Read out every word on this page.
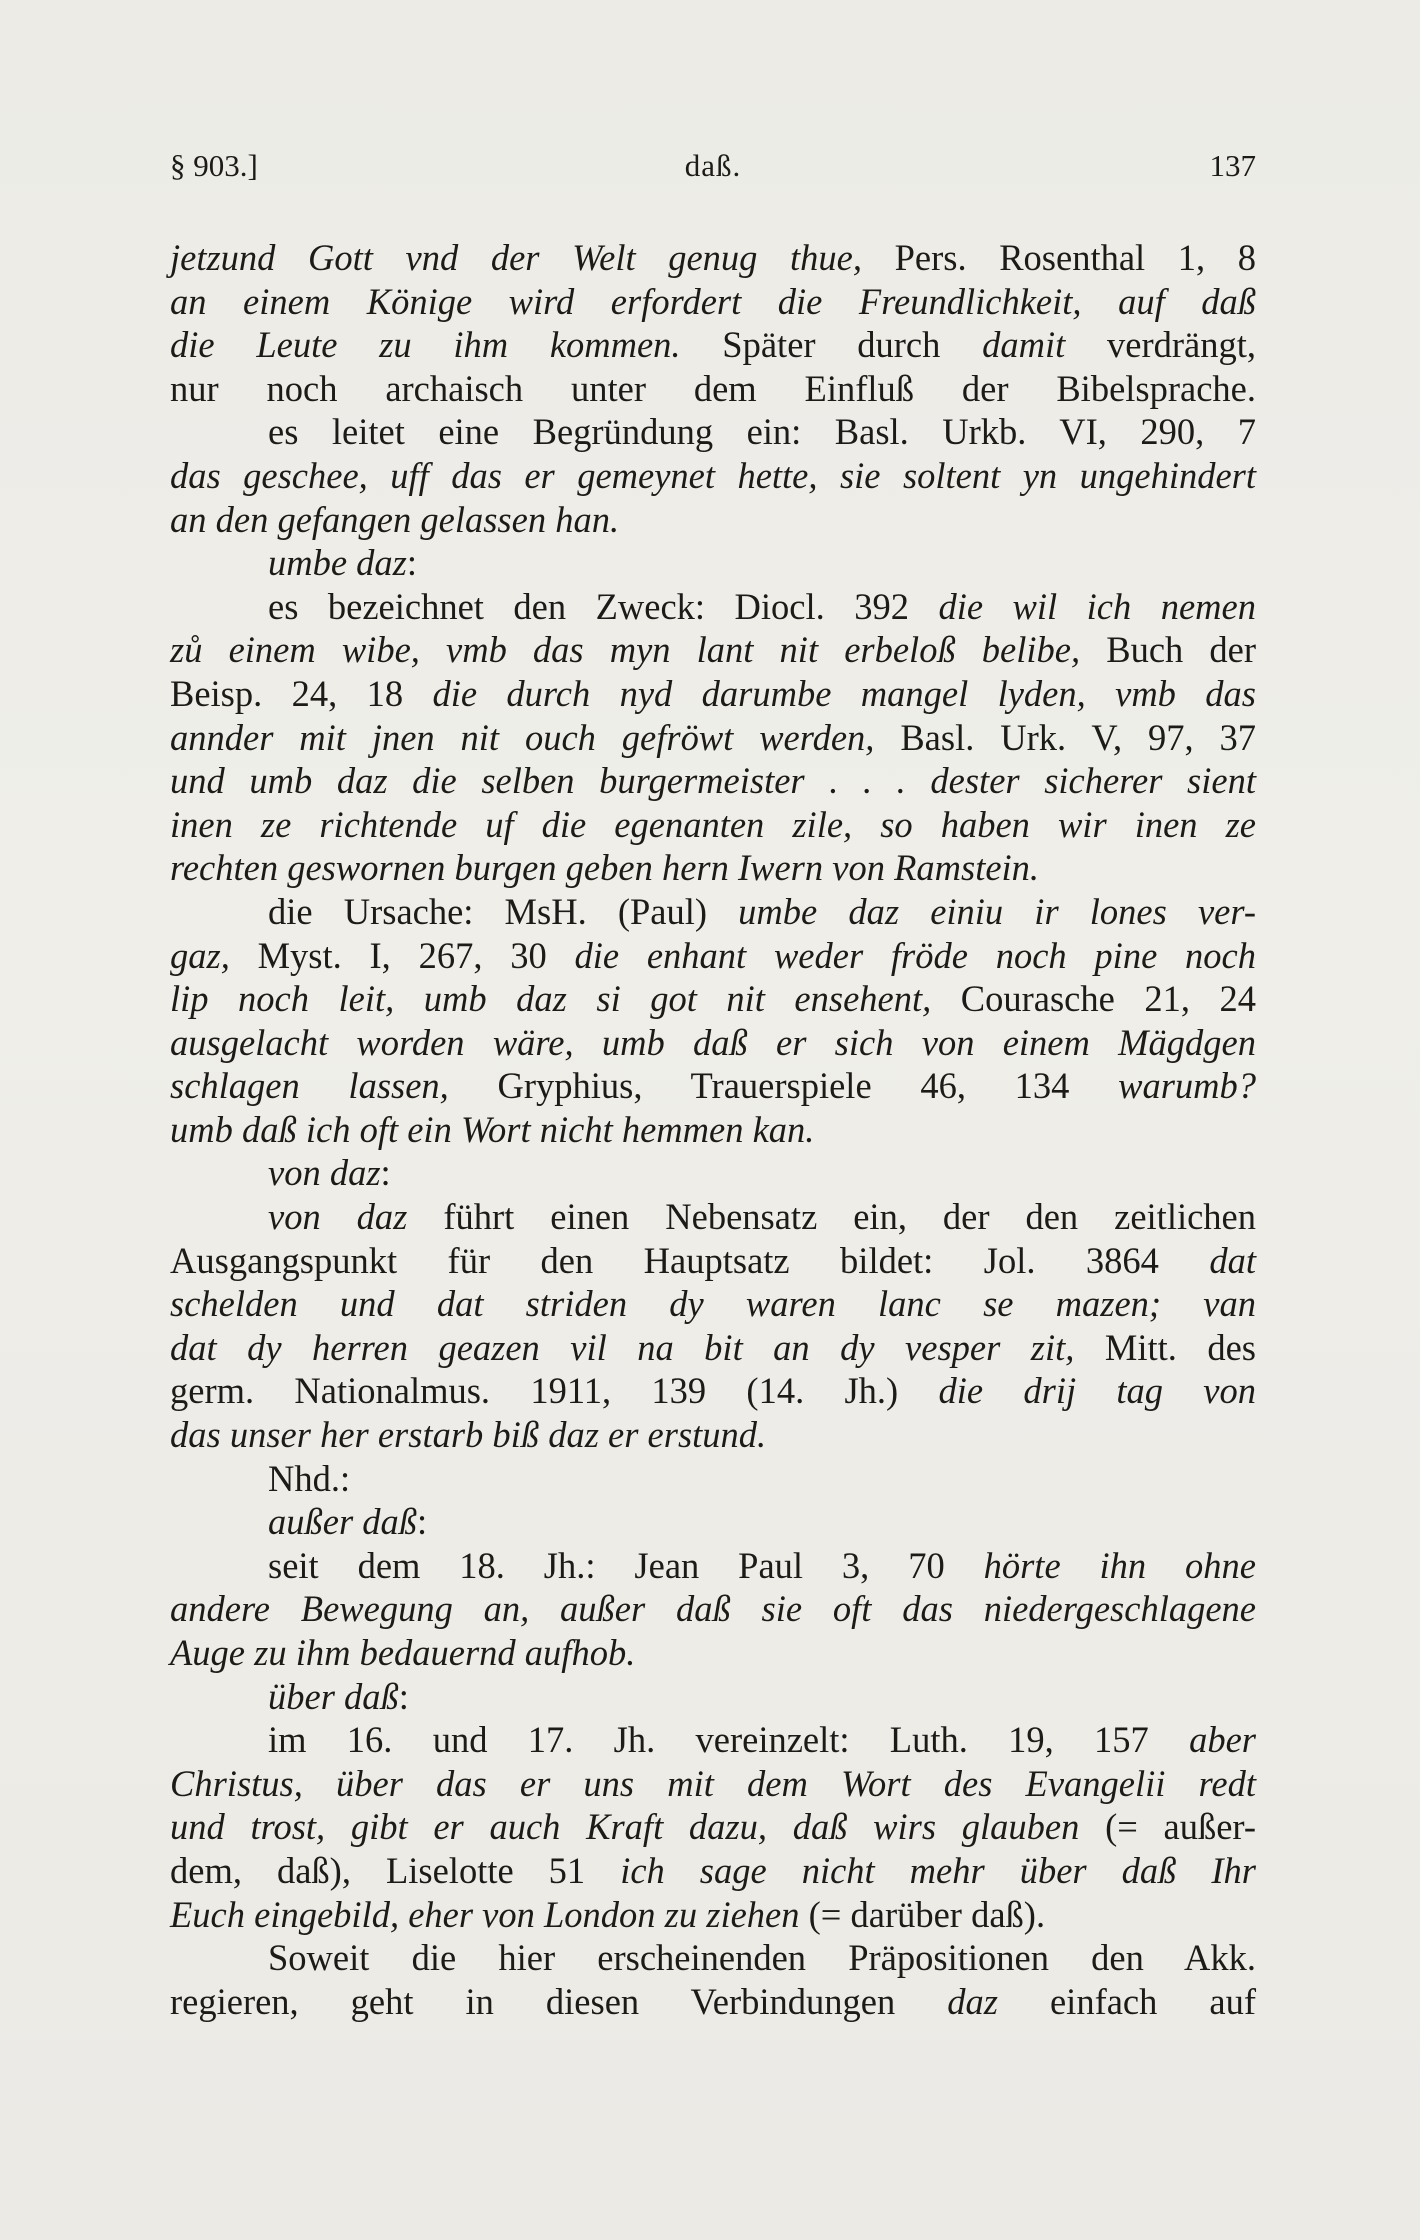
§ 903.]	daß.	137
jetzund Gott vnd der Welt genug thue, Pers. Rosenthal 1, 8
an einem Könige wird erfordert die Freundlichkeit, auf daß
die Leute zu ihm kommen. Später durch damit verdrängt,
nur noch archaisch unter dem Einfluß der Bibelsprache.
es leitet eine Begründung ein: Basl. Urkb. VI, 290, 7
das geschee, uff das er gemeynet hette, sie soltent yn ungehindert
an den gefangen gelassen han.
umbe daz:
es bezeichnet den Zweck: Diocl. 392 die wil ich nemen
zů einem wibe, vmb das myn lant nit erbeloß belibe, Buch der
Beisp. 24, 18 die durch nyd darumbe mangel lyden, vmb das
annder mit jnen nit ouch gefröwt werden, Basl. Urk. V, 97, 37
und umb daz die selben burgermeister . . . dester sicherer sient
inen ze richtende uf die egenanten zile, so haben wir inen ze
rechten geswornen burgen geben hern Iwern von Ramstein.
die Ursache: MsH. (Paul) umbe daz einiu ir lones ver-
gaz, Myst. I, 267, 30 die enhant weder fröde noch pine noch
lip noch leit, umb daz si got nit ensehent, Courasche 21, 24
ausgelacht worden wäre, umb daß er sich von einem Mägdgen
schlagen lassen, Gryphius, Trauerspiele 46, 134 warumb?
umb daß ich oft ein Wort nicht hemmen kan.
von daz:
von daz führt einen Nebensatz ein, der den zeitlichen
Ausgangspunkt für den Hauptsatz bildet: Jol. 3864 dat
schelden und dat striden dy waren lanc se mazen; van
dat dy herren geazen vil na bit an dy vesper zit, Mitt. des
germ. Nationalmus. 1911, 139 (14. Jh.) die drij tag von
das unser her erstarb biß daz er erstund.
Nhd.:
außer daß:
seit dem 18. Jh.: Jean Paul 3, 70 hörte ihn ohne
andere Bewegung an, außer daß sie oft das niedergeschlagene
Auge zu ihm bedauernd aufhob.
über daß:
im 16. und 17. Jh. vereinzelt: Luth. 19, 157 aber
Christus, über das er uns mit dem Wort des Evangelii redt
und trost, gibt er auch Kraft dazu, daß wirs glauben (= außer-
dem, daß), Liselotte 51 ich sage nicht mehr über daß Ihr
Euch eingebild, eher von London zu ziehen (= darüber daß).
Soweit die hier erscheinenden Präpositionen den Akk.
regieren, geht in diesen Verbindungen daz einfach auf
